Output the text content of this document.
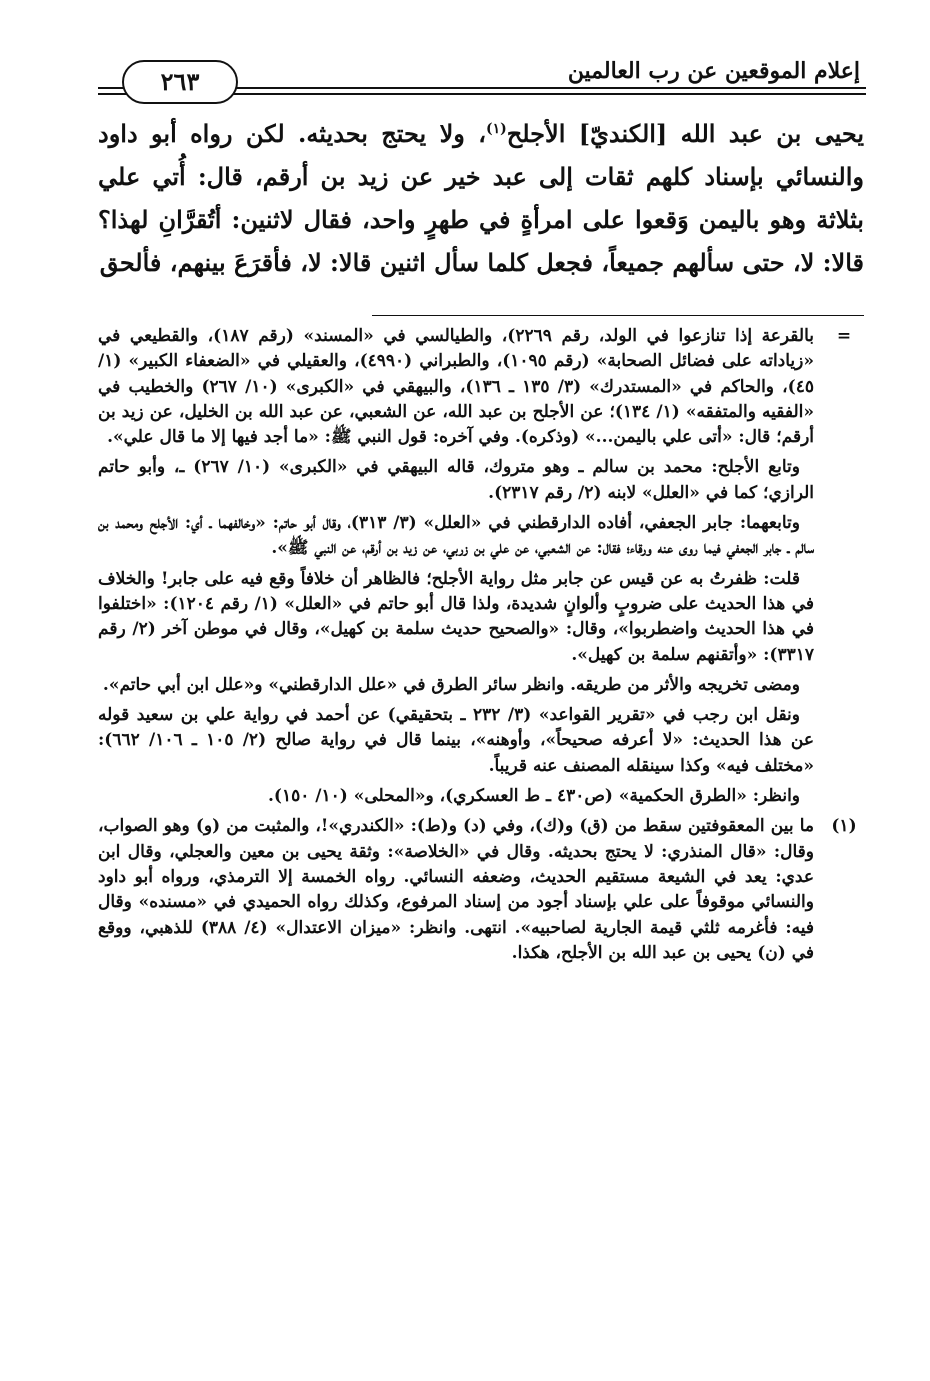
إعلام الموقعين عن رب العالمين
٢٦٣

يحيى بن عبد الله [الكنديّ] الأجلح$^{(١)}$، ولا يحتج بحديثه. لكن رواه أبو داود والنسائي بإسناد كلهم ثقات إلى عبد خير عن زيد بن أرقم، قال: أُتي علي بثلاثة وهو باليمن وَقعوا على امرأةٍ في طهرٍ واحد، فقال لاثنين: أتُقرَّانِ لهذا؟ قالا: لا، حتى سألهم جميعاً، فجعل كلما سأل اثنين قالا: لا، فأقرَعَ بينهم، فألحق

=

بالقرعة إذا تنازعوا في الولد، رقم ٢٢٦٩)، والطيالسي في «المسند» (رقم ١٨٧)، والقطيعي في «زياداته على فضائل الصحابة» (رقم ١٠٩٥)، والطبراني (٤٩٩٠)، والعقيلي في «الضعفاء الكبير» (١/ ٤٥)، والحاكم في «المستدرك» (٣/ ١٣٥ ـ ١٣٦)، والبيهقي في «الكبرى» (١٠/ ٢٦٧) والخطيب في «الفقيه والمتفقه» (١/ ١٣٤)؛ عن الأجلح بن عبد الله، عن الشعبي، عن عبد الله بن الخليل، عن زيد بن أرقم؛ قال: «أتى علي باليمن...» (وذكره). وفي آخره: قول النبي ﷺ: «ما أجد فيها إلا ما قال علي».

وتابع الأجلح: محمد بن سالم ـ وهو متروك، قاله البيهقي في «الكبرى» (١٠/ ٢٦٧) ـ، وأبو حاتم الرازي؛ كما في «العلل» لابنه (٢/ رقم ٢٣١٧).

وتابعهما: جابر الجعفي، أفاده الدارقطني في «العلل» (٣/ ٣١٣)، وقال أبو حاتم: «وخالفهما ـ أي: الأجلح ومحمد بن سالم ـ جابر الجعفي فيما روى عنه ورقاء؛ فقال: عن الشعبي، عن علي بن زربي، عن زيد بن أرقم، عن النبي ﷺ».

قلت: ظفرتُ به عن قيس عن جابر مثل رواية الأجلح؛ فالظاهر أن خلافاً وقع فيه على جابر! والخلاف في هذا الحديث على ضروبٍ وألوانٍ شديدة، ولذا قال أبو حاتم في «العلل» (١/ رقم ١٢٠٤): «اختلفوا في هذا الحديث واضطربوا»، وقال: «والصحيح حديث سلمة بن كهيل»، وقال في موطن آخر (٢/ رقم ٣٣١٧): «وأتقنهم سلمة بن كهيل».

ومضى تخريجه والأثر من طريقه. وانظر سائر الطرق في «علل الدارقطني» و«علل ابن أبي حاتم».

ونقل ابن رجب في «تقرير القواعد» (٣/ ٢٣٢ ـ بتحقيقي) عن أحمد في رواية علي بن سعيد قوله عن هذا الحديث: «لا أعرفه صحيحاً»، وأوهنه»، بينما قال في رواية صالح (٢/ ١٠٥ ـ ١٠٦/ ٦٦٢): «مختلف فيه» وكذا سينقله المصنف عنه قريباً.

وانظر: «الطرق الحكمية» (ص٤٣٠ ـ ط العسكري)، و«المحلى» (١٠/ ١٥٠).

(١)

ما بين المعقوفتين سقط من (ق) و(ك)، وفي (د) و(ط): «الكندري»!، والمثبت من (و) وهو الصواب، وقال: «قال المنذري: لا يحتج بحديثه. وقال في «الخلاصة»: وثقة يحيى بن معين والعجلي، وقال ابن عدي: يعد في الشيعة مستقيم الحديث، وضعفه النسائي. رواه الخمسة إلا الترمذي، ورواه أبو داود والنسائي موقوفاً على علي بإسناد أجود من إسناد المرفوع، وكذلك رواه الحميدي في «مسنده» وقال فيه: فأغرمه ثلثي قيمة الجارية لصاحبيه». انتهى. وانظر: «ميزان الاعتدال» (٤/ ٣٨٨) للذهبي، ووقع في (ن) يحيى بن عبد الله بن الأجلح، هكذا.
